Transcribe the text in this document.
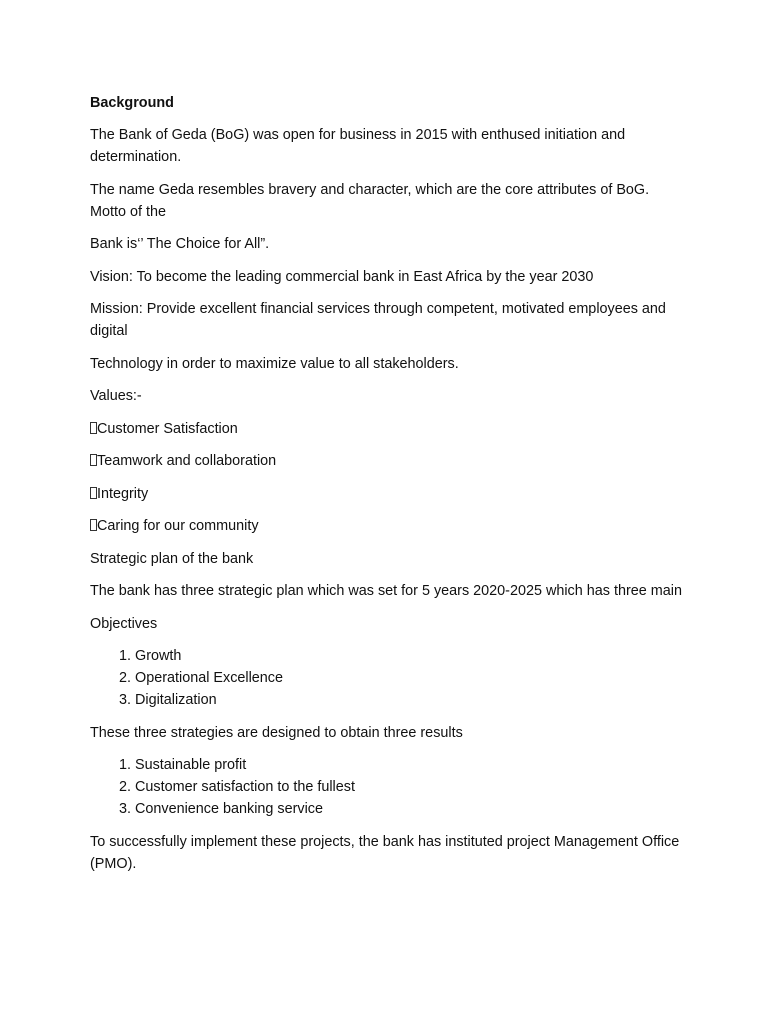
Background

The Bank of Geda (BoG) was open for business in 2015 with enthused initiation and determination.

The name Geda resembles bravery and character, which are the core attributes of BoG. Motto of the

Bank is‘’ The Choice for All”.

Vision: To become the leading commercial bank in East Africa by the year 2030

Mission: Provide excellent financial services through competent, motivated employees and digital

Technology in order to maximize value to all stakeholders.

Values:-

Customer Satisfaction

Teamwork and collaboration

Integrity

Caring for our community

Strategic plan of the bank

The bank has three strategic plan which was set for 5 years 2020-2025 which has three main

Objectives

1. Growth
2. Operational Excellence
3. Digitalization

These three strategies are designed to obtain three results

1. Sustainable profit
2. Customer satisfaction to the fullest
3. Convenience banking service

To successfully implement these projects, the bank has instituted project Management Office (PMO).
